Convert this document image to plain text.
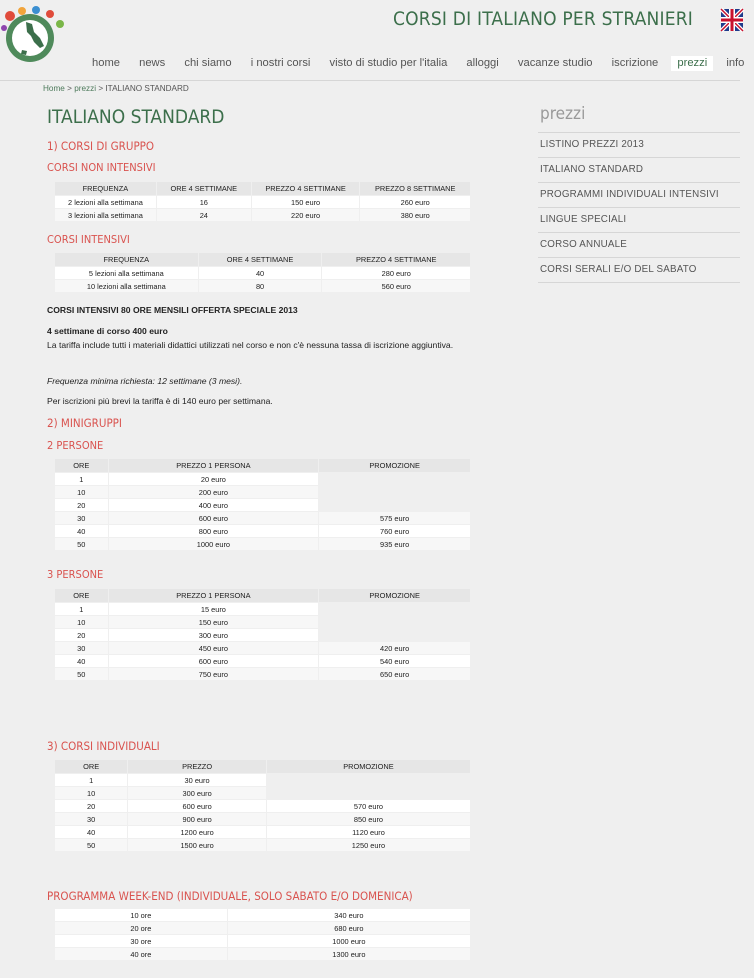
CORSI DI ITALIANO PER STRANIERI
home news chi siamo i nostri corsi visto di studio per l'italia alloggi vacanze studio iscrizione prezzi info
Home > prezzi > ITALIANO STANDARD
ITALIANO STANDARD
1) CORSI DI GRUPPO
CORSI NON INTENSIVI
FREQUENZA	ORE 4 SETTIMANE	PREZZO 4 SETTIMANE	PREZZO 8 SETTIMANE
2 lezioni alla settimana	16	150 euro	260 euro
3 lezioni alla settimana	24	220 euro	380 euro
CORSI INTENSIVI
FREQUENZA	ORE 4 SETTIMANE	PREZZO 4 SETTIMANE
5 lezioni alla settimana	40	280 euro
10 lezioni alla settimana	80	560 euro
CORSI INTENSIVI 80 ORE MENSILI OFFERTA SPECIALE 2013
4 settimane di corso 400 euro
La tariffa include tutti i materiali didattici utilizzati nel corso e non c'è nessuna tassa di iscrizione aggiuntiva.
Frequenza minima richiesta: 12 settimane (3 mesi).
Per iscrizioni più brevi la tariffa è di 140 euro per settimana.
2) MINIGRUPPI
2 PERSONE
ORE	PREZZO 1 PERSONA	PROMOZIONE
1	20 euro	
10	200 euro	
20	400 euro	
30	600 euro	575 euro
40	800 euro	760 euro
50	1000 euro	935 euro
3 PERSONE
ORE	PREZZO 1 PERSONA	PROMOZIONE
1	15 euro	
10	150 euro	
20	300 euro	
30	450 euro	420 euro
40	600 euro	540 euro
50	750 euro	650 euro
3) CORSI INDIVIDUALI
ORE	PREZZO	PROMOZIONE
1	30 euro	
10	300 euro	
20	600 euro	570 euro
30	900 euro	850 euro
40	1200 euro	1120 euro
50	1500 euro	1250 euro
PROGRAMMA WEEK-END (INDIVIDUALE, SOLO SABATO E/O DOMENICA)
10 ore	340 euro
20 ore	680 euro
30 ore	1000 euro
40 ore	1300 euro
prezzi
LISTINO PREZZI 2013
ITALIANO STANDARD
PROGRAMMI INDIVIDUALI INTENSIVI
LINGUE SPECIALI
CORSO ANNUALE
CORSI SERALI E/O DEL SABATO
